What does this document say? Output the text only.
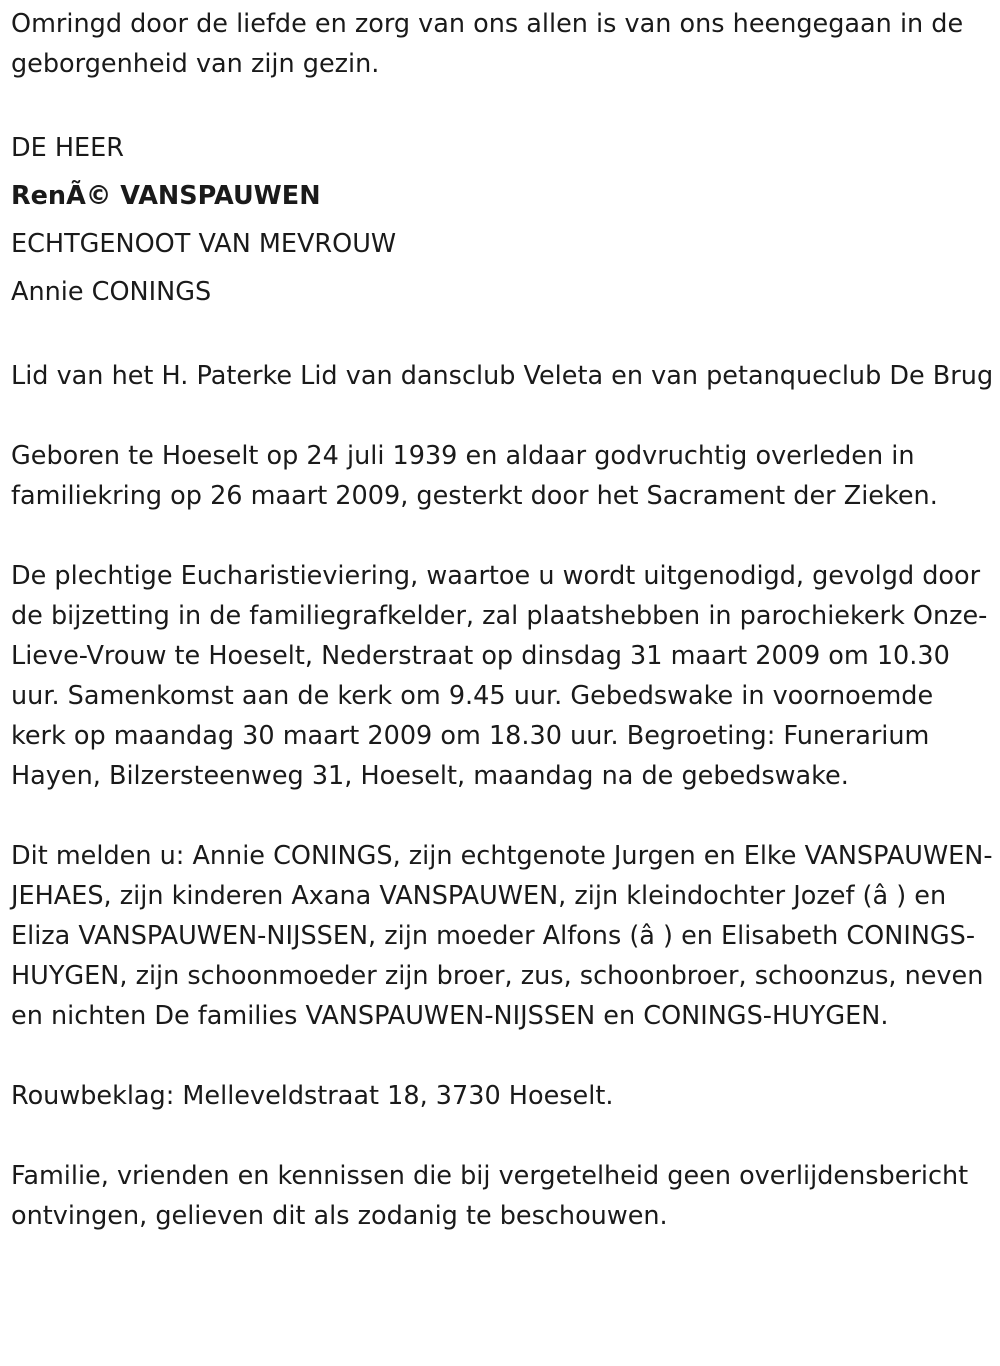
Omringd door de liefde en zorg van ons allen is van ons heengegaan in de geborgenheid van zijn gezin.

DE HEER

RenÃ© VANSPAUWEN

ECHTGENOOT VAN MEVROUW

Annie CONINGS

Lid van het H. Paterke Lid van dansclub Veleta en van petanqueclub De Brug

Geboren te Hoeselt op 24 juli 1939 en aldaar godvruchtig overleden in familiekring op 26 maart 2009, gesterkt door het Sacrament der Zieken.

De plechtige Eucharistieviering, waartoe u wordt uitgenodigd, gevolgd door de bijzetting in de familiegrafkelder, zal plaatshebben in parochiekerk Onze-Lieve-Vrouw te Hoeselt, Nederstraat op dinsdag 31 maart 2009 om 10.30 uur. Samenkomst aan de kerk om 9.45 uur. Gebedswake in voornoemde kerk op maandag 30 maart 2009 om 18.30 uur. Begroeting: Funerarium Hayen, Bilzersteenweg 31, Hoeselt, maandag na de gebedswake.

Dit melden u: Annie CONINGS, zijn echtgenote Jurgen en Elke VANSPAUWEN-JEHAES, zijn kinderen Axana VANSPAUWEN, zijn kleindochter Jozef (â ) en Eliza VANSPAUWEN-NIJSSEN, zijn moeder Alfons (â ) en Elisabeth CONINGS-HUYGEN, zijn schoonmoeder zijn broer, zus, schoonbroer, schoonzus, neven en nichten De families VANSPAUWEN-NIJSSEN en CONINGS-HUYGEN.

Rouwbeklag: Melleveldstraat 18, 3730 Hoeselt.

Familie, vrienden en kennissen die bij vergetelheid geen overlijdensbericht ontvingen, gelieven dit als zodanig te beschouwen.
